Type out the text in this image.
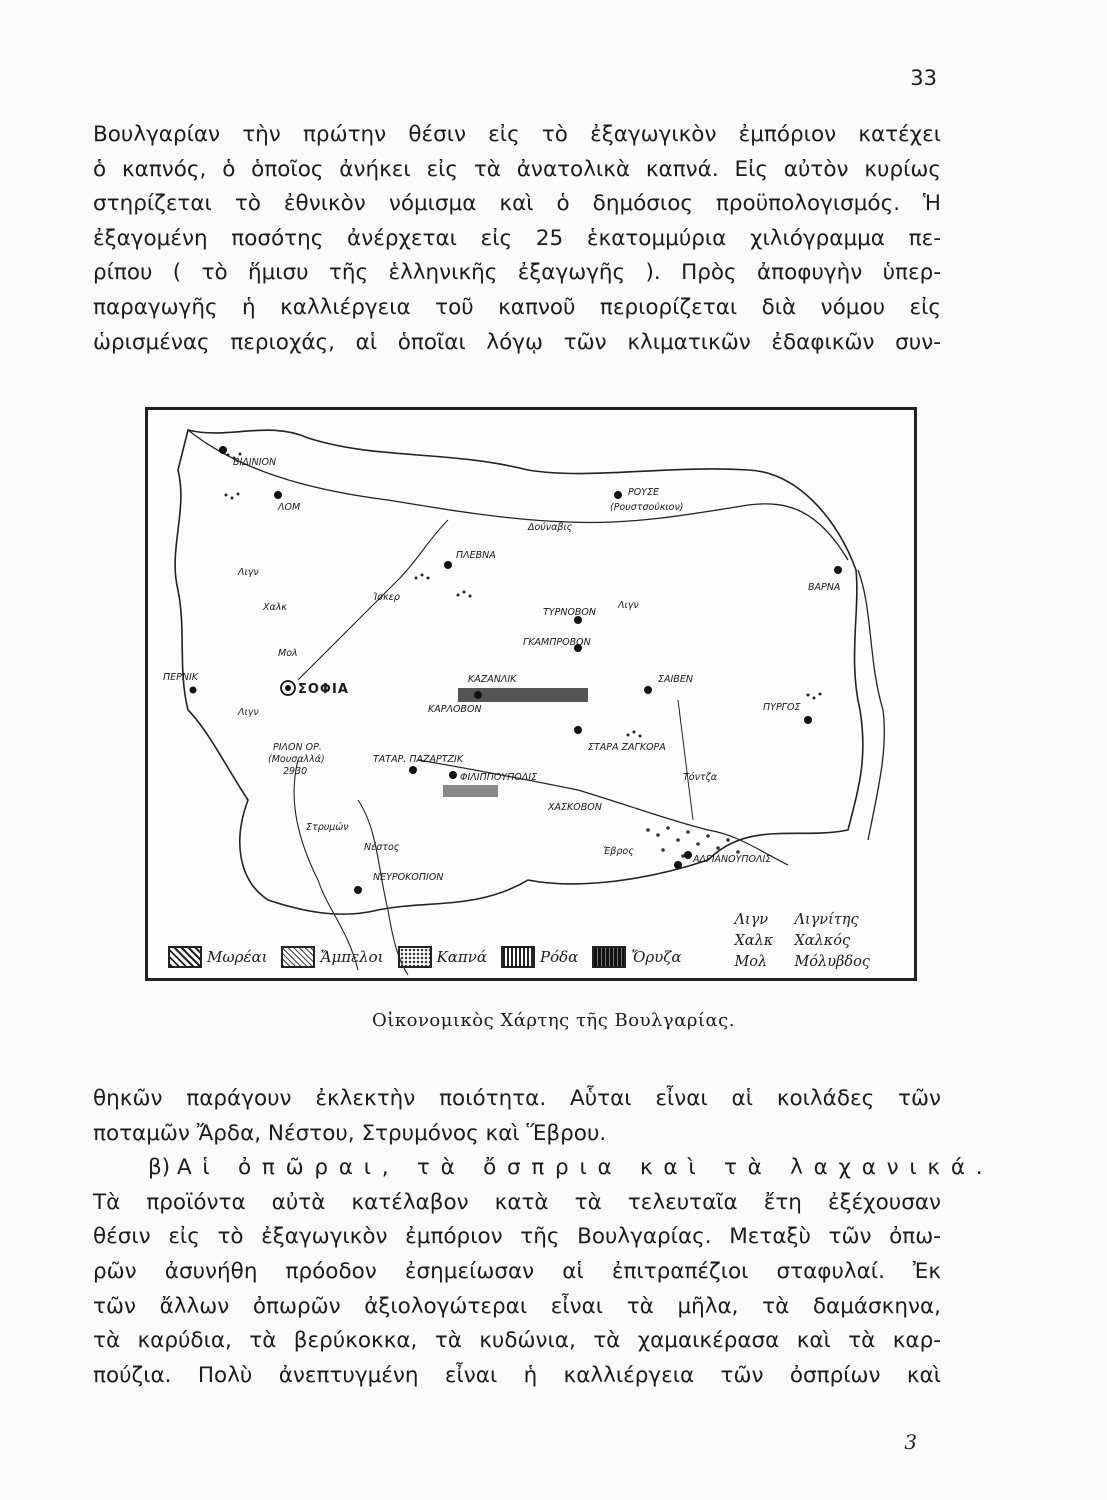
33
Βουλγαρίαν τὴν πρώτην θέσιν εἰς τὸ ἐξαγωγικὸν ἐμπόριον κατέχει
ὁ καπνός, ὁ ὁποῖος ἀνήκει εἰς τὰ ἀνατολικὰ καπνά. Εἰς αὐτὸν κυρίως
στηρίζεται τὸ ἐθνικὸν νόμισμα καὶ ὁ δημόσιος προϋπολογισμός. Ἡ
ἐξαγομένη ποσότης ἀνέρχεται εἰς 25 ἑκατομμύρια χιλιόγραμμα πε-
ρίπου ( τὸ ἥμισυ τῆς ἑλληνικῆς ἐξαγωγῆς ). Πρὸς ἀποφυγὴν ὑπερ-
παραγωγῆς ἡ καλλιέργεια τοῦ καπνοῦ περιορίζεται διὰ νόμου εἰς
ὡρισμένας περιοχάς, αἱ ὁποῖαι λόγῳ τῶν κλιματικῶν ἐδαφικῶν συν-
ΒΙΔΙΝΙΟΝ
ΛΟΜ
ΡΟΥΣΕ
(Ρουστσούκιον)
Δούναβις
ΠΛΕΒΝΑ
ΒΑΡΝΑ
ΤΥΡΝΟΒΟΝ
ΓΚΑΜΠΡΟΒΟΝ
ΚΑΖΑΝΛΙΚ	ΣΑΙΒΕΝ
ΠΥΡΓΟΣ
ΣΟΦΙΑ
ΠΕΡΝΙΚ
ΚΑΡΛΟΒΟΝ
ΣΤΑΡΑ ΖΑΓΚΟΡΑ
ΤΑΤΑΡ. ΠΑΖΑΡΤΖΙΚ
ΦΙΛΙΠΠΟΥΠΟΛΙΣ
ΡΙΛΟΝ ΟΡ.
(Μουσαλλά)
2930
ΧΑΣΚΟΒΟΝ
ΑΔΡΙΑΝΟΥΠΟΛΙΣ
ΝΕΥΡΟΚΟΠΙΟΝ
Στρυμών
Νέστος	Έβρος
Ίσκερ
Τόντζα
Λιγν
Χαλκ
Μολ
Λιγν
Λιγν
Λιγν	Λιγνίτης
Χαλκ	Χαλκός
Μολ	Μόλυβδος
Μωρέαι	Ἄμπελοι	Καπνά	Ρόδα	Ὄρυζα
Οἰκονομικὸς Χάρτης τῆς Βουλγαρίας.
θηκῶν παράγουν ἐκλεκτὴν ποιότητα. Αὗται εἶναι αἱ κοιλάδες τῶν
ποταμῶν Ἄρδα, Νέστου, Στρυμόνος καὶ Ἕβρου.
β) Αἱ ὀπῶραι, τὰ ὄσπρια καὶ τὰ λαχανικά.
Τὰ προϊόντα αὐτὰ κατέλαβον κατὰ τὰ τελευταῖα ἔτη ἐξέχουσαν
θέσιν εἰς τὸ ἐξαγωγικὸν ἐμπόριον τῆς Βουλγαρίας. Μεταξὺ τῶν ὀπω-
ρῶν ἀσυνήθη πρόοδον ἐσημείωσαν αἱ ἐπιτραπέζιοι σταφυλαί. Ἐκ
τῶν ἄλλων ὀπωρῶν ἀξιολογώτεραι εἶναι τὰ μῆλα, τὰ δαμάσκηνα,
τὰ καρύδια, τὰ βερύκοκκα, τὰ κυδώνια, τὰ χαμαικέρασα καὶ τὰ καρ-
πούζια. Πολὺ ἀνεπτυγμένη εἶναι ἡ καλλιέργεια τῶν ὀσπρίων καὶ
3
